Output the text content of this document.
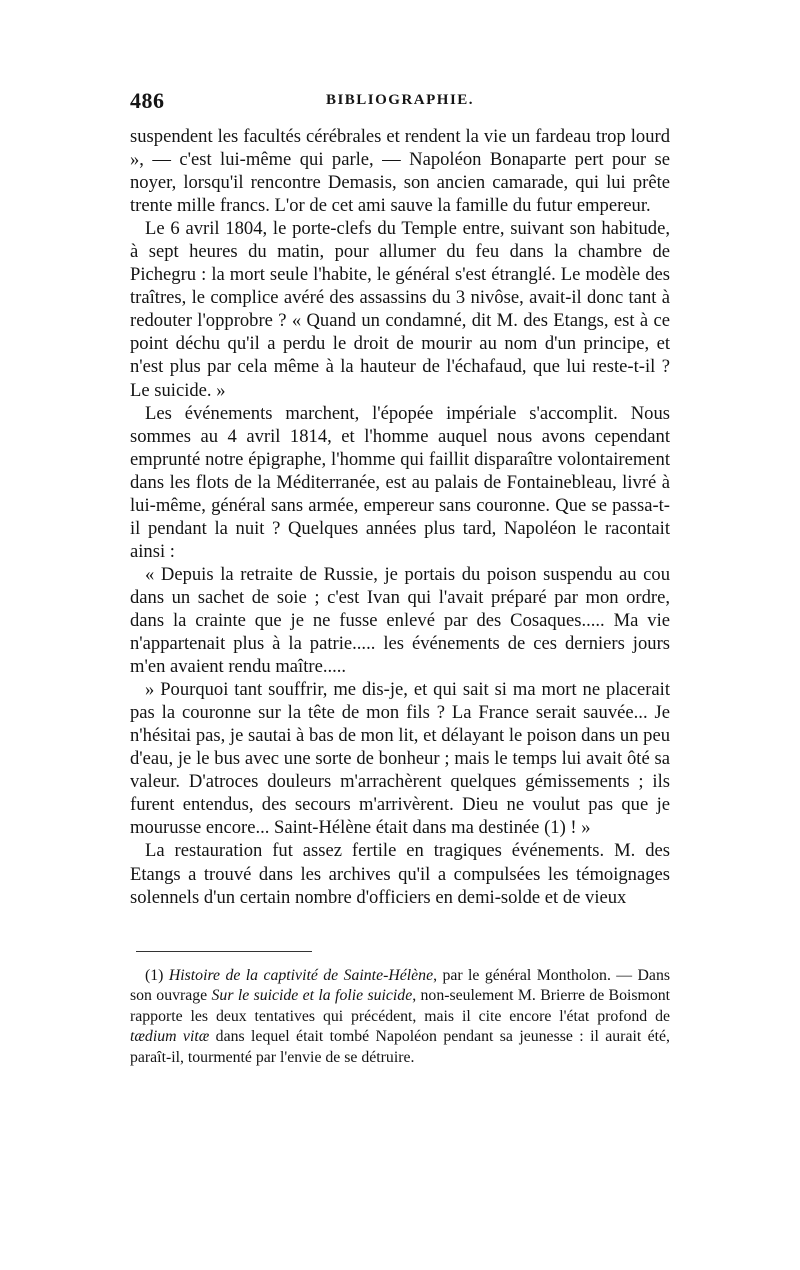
486	BIBLIOGRAPHIE.

suspendent les facultés cérébrales et rendent la vie un fardeau trop lourd », — c'est lui-même qui parle, — Napoléon Bonaparte pert pour se noyer, lorsqu'il rencontre Demasis, son ancien camarade, qui lui prête trente mille francs. L'or de cet ami sauve la famille du futur empereur.

Le 6 avril 1804, le porte-clefs du Temple entre, suivant son habitude, à sept heures du matin, pour allumer du feu dans la chambre de Pichegru : la mort seule l'habite, le général s'est étranglé. Le modèle des traîtres, le complice avéré des assassins du 3 nivôse, avait-il donc tant à redouter l'opprobre ? « Quand un condamné, dit M. des Etangs, est à ce point déchu qu'il a perdu le droit de mourir au nom d'un principe, et n'est plus par cela même à la hauteur de l'échafaud, que lui reste-t-il ? Le suicide. »

Les événements marchent, l'épopée impériale s'accomplit. Nous sommes au 4 avril 1814, et l'homme auquel nous avons cependant emprunté notre épigraphe, l'homme qui faillit disparaître volontairement dans les flots de la Méditerranée, est au palais de Fontainebleau, livré à lui-même, général sans armée, empereur sans couronne. Que se passa-t-il pendant la nuit ? Quelques années plus tard, Napoléon le racontait ainsi :

« Depuis la retraite de Russie, je portais du poison suspendu au cou dans un sachet de soie ; c'est Ivan qui l'avait préparé par mon ordre, dans la crainte que je ne fusse enlevé par des Cosaques..... Ma vie n'appartenait plus à la patrie..... les événements de ces derniers jours m'en avaient rendu maître.....

» Pourquoi tant souffrir, me dis-je, et qui sait si ma mort ne placerait pas la couronne sur la tête de mon fils ? La France serait sauvée... Je n'hésitai pas, je sautai à bas de mon lit, et délayant le poison dans un peu d'eau, je le bus avec une sorte de bonheur ; mais le temps lui avait ôté sa valeur. D'atroces douleurs m'arrachèrent quelques gémissements ; ils furent entendus, des secours m'arrivèrent. Dieu ne voulut pas que je mourusse encore... Saint-Hélène était dans ma destinée (1) ! »

La restauration fut assez fertile en tragiques événements. M. des Etangs a trouvé dans les archives qu'il a compulsées les témoignages solennels d'un certain nombre d'officiers en demi-solde et de vieux

(1) Histoire de la captivité de Sainte-Hélène, par le général Montholon. — Dans son ouvrage Sur le suicide et la folie suicide, non-seulement M. Brierre de Boismont rapporte les deux tentatives qui précédent, mais il cite encore l'état profond de tædium vitæ dans lequel était tombé Napoléon pendant sa jeunesse : il aurait été, paraît-il, tourmenté par l'envie de se détruire.
